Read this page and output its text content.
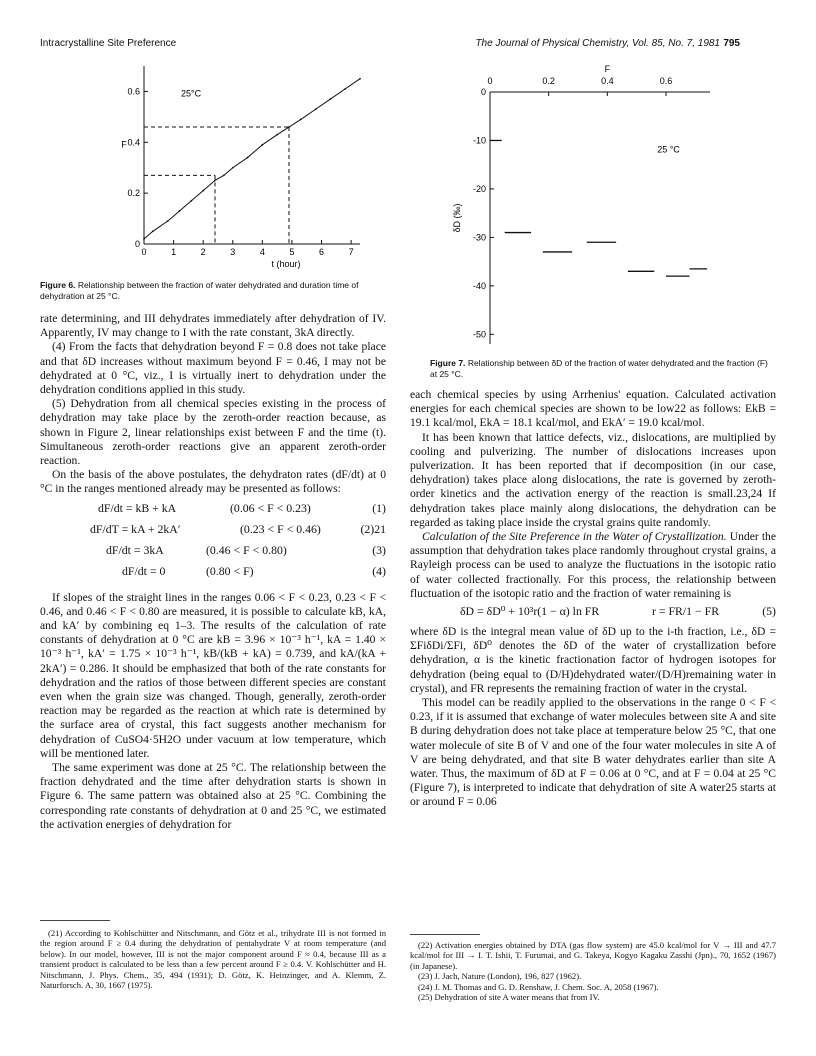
Intracrystalline Site Preference	The Journal of Physical Chemistry, Vol. 85, No. 7, 1981 795
0	1	2	3	4	5	6	7
0
0.2
0.4
0.6
t (hour)
F
25°C
Figure 6. Relationship between the fraction of water dehydrated and duration time of dehydration at 25 °C.
0	0.2	0.4	0.6
F
0
-10
-20
-30
-40
-50
δD (‰)
25 °C
Figure 7. Relationship between δD of the fraction of water dehydrated and the fraction (F) at 25 °C.

rate determining, and III dehydrates immediately after dehydration of IV. Apparently, IV may change to I with the rate constant, 3kA directly.

(4) From the facts that dehydration beyond F = 0.8 does not take place and that δD increases without maximum beyond F = 0.46, I may not be dehydrated at 0 °C, viz., I is virtually inert to dehydration under the dehydration conditions applied in this study.

(5) Dehydration from all chemical species existing in the process of dehydration may take place by the zeroth-order reaction because, as shown in Figure 2, linear relationships exist between F and the time (t). Simultaneous zeroth-order reactions give an apparent zeroth-order reaction.

On the basis of the above postulates, the dehydraton rates (dF/dt) at 0 °C in the ranges mentioned already may be presented as follows:

dF/dt = kB + kA	(0.06 < F < 0.23)	(1)
dF/dT = kA + 2kA′	(0.23 < F < 0.46)	(2)21
dF/dt = 3kA	(0.46 < F < 0.80)	(3)
dF/dt = 0	(0.80 < F)	(4)

If slopes of the straight lines in the ranges 0.06 < F < 0.23, 0.23 < F < 0.46, and 0.46 < F < 0.80 are measured, it is possible to calculate kB, kA, and kA′ by combining eq 1–3. The results of the calculation of rate constants of dehydration at 0 °C are kB = 3.96 × 10⁻³ h⁻¹, kA = 1.40 × 10⁻³ h⁻¹, kA′ = 1.75 × 10⁻³ h⁻¹, kB/(kB + kA) = 0.739, and kA/(kA + 2kA′) = 0.286. It should be emphasized that both of the rate constants for dehydration and the ratios of those between different species are constant even when the grain size was changed. Though, generally, zeroth-order reaction may be regarded as the reaction at which rate is determined by the surface area of crystal, this fact suggests another mechanism for dehydration of CuSO4·5H2O under vacuum at low temperature, which will be mentioned later.

The same experiment was done at 25 °C. The relationship between the fraction dehydrated and the time after dehydration starts is shown in Figure 6. The same pattern was obtained also at 25 °C. Combining the corresponding rate constants of dehydration at 0 and 25 °C, we estimated the activation energies of dehydration for

(21) According to Kohlschütter and Nitschmann, and Götz et al., trihydrate III is not formed in the region around F ≥ 0.4 during the dehydration of pentahydrate V at room temperature (and below). In our model, however, III is not the major component around F ≈ 0.4, because III as a transient product is calculated to be less than a few percent around F ≥ 0.4. V. Kohlschütter and H. Nitschmann, J. Phys. Chem., 35, 494 (1931); D. Götz, K. Heinzinger, and A. Klemm, Z. Naturforsch. A, 30, 1667 (1975).

each chemical species by using Arrhenius' equation. Calculated activation energies for each chemical species are shown to be low22 as follows: EkB = 19.1 kcal/mol, EkA = 18.1 kcal/mol, and EkA′ = 19.0 kcal/mol.

It has been known that lattice defects, viz., dislocations, are multiplied by cooling and pulverizing. The number of dislocations increases upon pulverization. It has been reported that if decomposition (in our case, dehydration) takes place along dislocations, the rate is governed by zeroth-order kinetics and the activation energy of the reaction is small.23,24 If dehydration takes place mainly along dislocations, the dehydration can be regarded as taking place inside the crystal grains quite randomly.

Calculation of the Site Preference in the Water of Crystallization. Under the assumption that dehydration takes place randomly throughout crystal grains, a Rayleigh process can be used to analyze the fluctuations in the isotopic ratio of water collected fractionally. For this process, the relationship between fluctuation of the isotopic ratio and the fraction of water remaining is

δD = δD⁰ + 10³r(1 − α) ln FR	r = FR/1 − FR	(5)

where δD is the integral mean value of δD up to the i-th fraction, i.e., δD = ΣFiδDi/ΣFi, δD⁰ denotes the δD of the water of crystallization before dehydration, α is the kinetic fractionation factor of hydrogen isotopes for dehydration (being equal to (D/H)dehydrated water/(D/H)remaining water in crystal), and FR represents the remaining fraction of water in the crystal.

This model can be readily applied to the observations in the range 0 < F < 0.23, if it is assumed that exchange of water molecules between site A and site B during dehydration does not take place at temperature below 25 °C, that one water molecule of site B of V and one of the four water molecules in site A of V are being dehydrated, and that site B water dehydrates earlier than site A water. Thus, the maximum of δD at F = 0.06 at 0 °C, and at F = 0.04 at 25 °C (Figure 7), is interpreted to indicate that dehydration of site A water25 starts at or around F = 0.06

(22) Activation energies obtained by DTA (gas flow system) are 45.0 kcal/mol for V → III and 47.7 kcal/mol for III → I. T. Ishii, T. Furumai, and G. Takeya, Kogyo Kagaku Zasshi (Jpn)., 70, 1652 (1967) (in Japanese).

(23) J. Jach, Nature (London), 196, 827 (1962).

(24) J. M. Thomas and G. D. Renshaw, J. Chem. Soc. A, 2058 (1967).

(25) Dehydration of site A water means that from IV.
